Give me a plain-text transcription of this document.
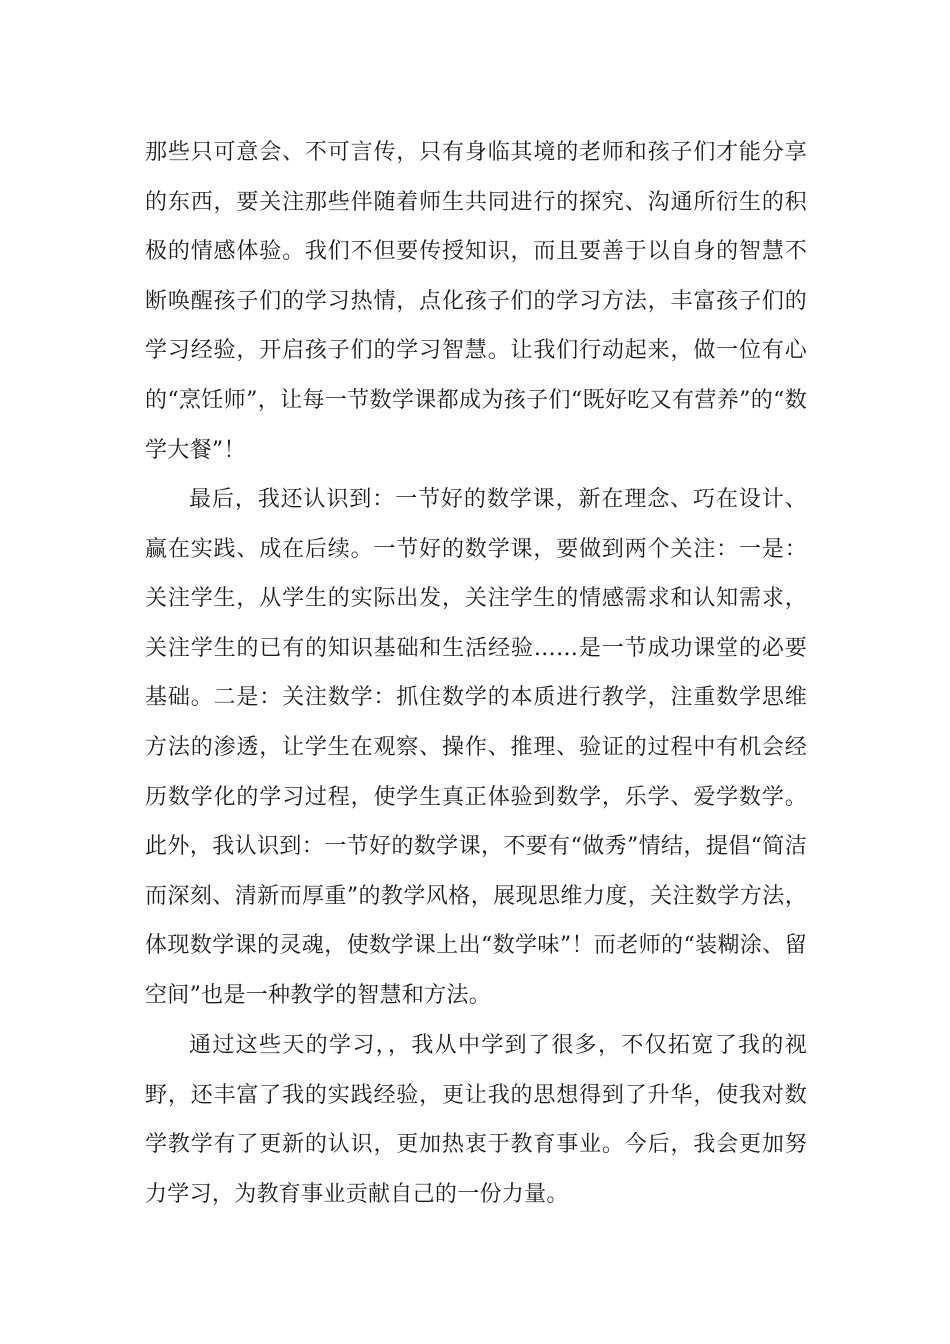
那些只可意会、不可言传，只有身临其境的老师和孩子们才能分享的东西，要关注那些伴随着师生共同进行的探究、沟通所衍生的积极的情感体验。我们不但要传授知识，而且要善于以自身的智慧不断唤醒孩子们的学习热情，点化孩子们的学习方法，丰富孩子们的学习经验，开启孩子们的学习智慧。让我们行动起来，做一位有心的“烹饪师”，让每一节数学课都成为孩子们“既好吃又有营养”的“数学大餐”！

最后，我还认识到：一节好的数学课，新在理念、巧在设计、赢在实践、成在后续。一节好的数学课，要做到两个关注：一是：关注学生，从学生的实际出发，关注学生的情感需求和认知需求，关注学生的已有的知识基础和生活经验……是一节成功课堂的必要基础。二是：关注数学：抓住数学的本质进行教学，注重数学思维方法的渗透，让学生在观察、操作、推理、验证的过程中有机会经历数学化的学习过程，使学生真正体验到数学，乐学、爱学数学。此外，我认识到：一节好的数学课，不要有“做秀”情结，提倡“简洁而深刻、清新而厚重”的教学风格，展现思维力度，关注数学方法，体现数学课的灵魂，使数学课上出“数学味”！而老师的“装糊涂、留空间”也是一种教学的智慧和方法。

通过这些天的学习，，我从中学到了很多，不仅拓宽了我的视野，还丰富了我的实践经验，更让我的思想得到了升华，使我对数学教学有了更新的认识，更加热衷于教育事业。今后，我会更加努力学习，为教育事业贡献自己的一份力量。
